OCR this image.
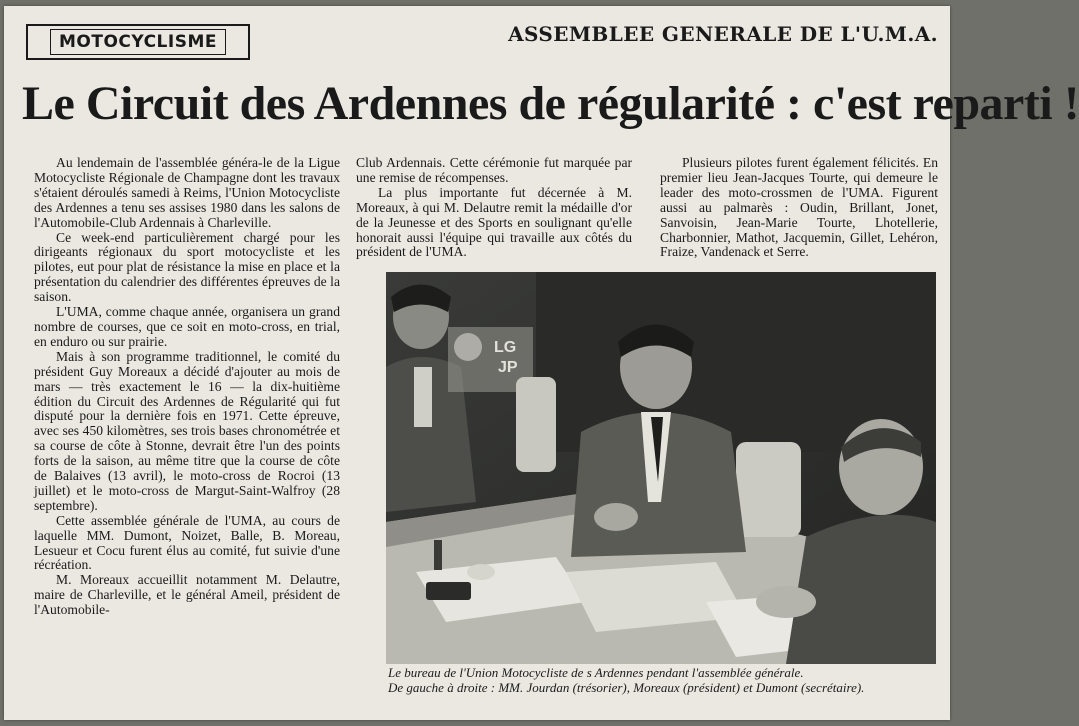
MOTOCYCLISME	ASSEMBLEE GENERALE DE L'U.M.A.
Le Circuit des Ardennes de régularité : c'est reparti !

Au lendemain de l'assemblée généra-le de la Ligue Motocycliste Régionale de Champagne dont les travaux s'étaient déroulés samedi à Reims, l'Union Motocycliste des Ardennes a tenu ses assises 1980 dans les salons de l'Automobile-Club Ardennais à Charleville.

Ce week-end particulièrement chargé pour les dirigeants régionaux du sport motocycliste et les pilotes, eut pour plat de résistance la mise en place et la présentation du calendrier des différentes épreuves de la saison.

L'UMA, comme chaque année, organisera un grand nombre de courses, que ce soit en moto-cross, en trial, en enduro ou sur prairie.

Mais à son programme traditionnel, le comité du président Guy Moreaux a décidé d'ajouter au mois de mars — très exactement le 16 — la dix-huitième édition du Circuit des Ardennes de Régularité qui fut disputé pour la dernière fois en 1971. Cette épreuve, avec ses 450 kilomètres, ses trois bases chronométrée et sa course de côte à Stonne, devrait être l'un des points forts de la saison, au même titre que la course de côte de Balaives (13 avril), le moto-cross de Rocroi (13 juillet) et le moto-cross de Margut-Saint-Walfroy (28 septembre).

Cette assemblée générale de l'UMA, au cours de laquelle MM. Dumont, Noizet, Balle, B. Moreau, Lesueur et Cocu furent élus au comité, fut suivie d'une récréation.

M. Moreaux accueillit notamment M. Delautre, maire de Charleville, et le général Ameil, président de l'Automobile-

Club Ardennais. Cette cérémonie fut marquée par une remise de récompenses.

La plus importante fut décernée à M. Moreaux, à qui M. Delautre remit la médaille d'or de la Jeunesse et des Sports en soulignant qu'elle honorait aussi l'équipe qui travaille aux côtés du président de l'UMA.

Plusieurs pilotes furent également félicités. En premier lieu Jean-Jacques Tourte, qui demeure le leader des moto-crossmen de l'UMA. Figurent aussi au palmarès : Oudin, Brillant, Jonet, Sanvoisin, Jean-Marie Tourte, Lhotellerie, Charbonnier, Mathot, Jacquemin, Gillet, Lehéron, Fraize, Vandenack et Serre.

LG
JP

Le bureau de l'Union Motocycliste de s Ardennes pendant l'assemblée générale.

De gauche à droite : MM. Jourdan (trésorier), Moreaux (président) et Dumont (secrétaire).
